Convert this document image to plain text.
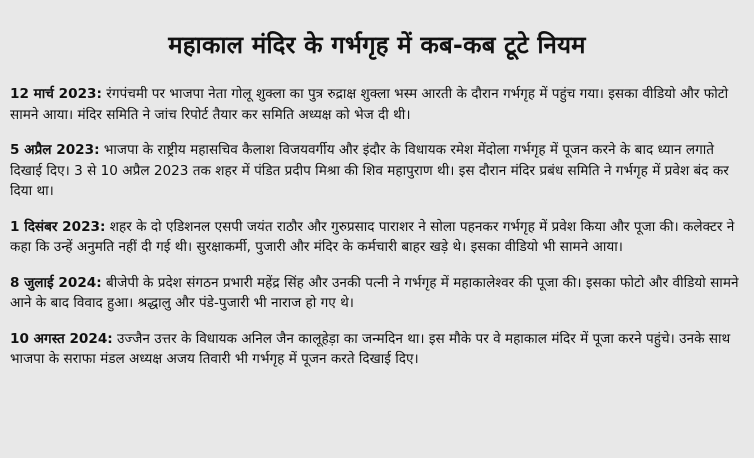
महाकाल मंदिर के गर्भगृह में कब-कब टूटे नियम

12 मार्च 2023: रंगपंचमी पर भाजपा नेता गोलू शुक्ला का पुत्र रुद्राक्ष शुक्ला भस्म आरती के दौरान गर्भगृह में पहुंच गया। इसका वीडियो और फोटो सामने आया। मंदिर समिति ने जांच रिपोर्ट तैयार कर समिति अध्यक्ष को भेज दी थी।

5 अप्रैल 2023: भाजपा के राष्ट्रीय महासचिव कैलाश विजयवर्गीय और इंदौर के विधायक रमेश मेंदोला गर्भगृह में पूजन करने के बाद ध्यान लगाते दिखाई दिए। 3 से 10 अप्रैल 2023 तक शहर में पंडित प्रदीप मिश्रा की शिव महापुराण थी। इस दौरान मंदिर प्रबंध समिति ने गर्भगृह में प्रवेश बंद कर दिया था।

1 दिसंबर 2023: शहर के दो एडिशनल एसपी जयंत राठौर और गुरुप्रसाद पाराशर ने सोला पहनकर गर्भगृह में प्रवेश किया और पूजा की। कलेक्टर ने कहा कि उन्हें अनुमति नहीं दी गई थी। सुरक्षाकर्मी, पुजारी और मंदिर के कर्मचारी बाहर खड़े थे। इसका वीडियो भी सामने आया।

8 जुलाई 2024: बीजेपी के प्रदेश संगठन प्रभारी महेंद्र सिंह और उनकी पत्नी ने गर्भगृह में महाकालेश्वर की पूजा की। इसका फोटो और वीडियो सामने आने के बाद विवाद हुआ। श्रद्धालु और पंडे-पुजारी भी नाराज हो गए थे।

10 अगस्त 2024: उज्जैन उत्तर के विधायक अनिल जैन कालूहेड़ा का जन्मदिन था। इस मौके पर वे महाकाल मंदिर में पूजा करने पहुंचे। उनके साथ भाजपा के सराफा मंडल अध्यक्ष अजय तिवारी भी गर्भगृह में पूजन करते दिखाई दिए।
